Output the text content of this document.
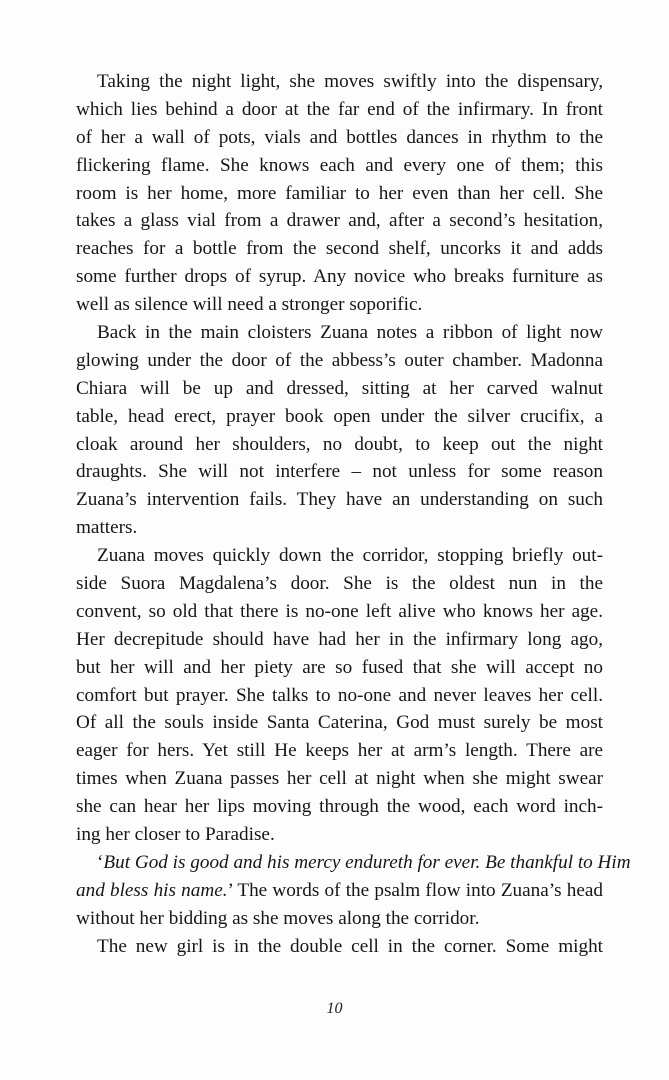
Taking the night light, she moves swiftly into the dispensary,
which lies behind a door at the far end of the infirmary. In front
of her a wall of pots, vials and bottles dances in rhythm to the
flickering flame. She knows each and every one of them; this
room is her home, more familiar to her even than her cell. She
takes a glass vial from a drawer and, after a second’s hesitation,
reaches for a bottle from the second shelf, uncorks it and adds
some further drops of syrup. Any novice who breaks furniture as
well as silence will need a stronger soporific.
Back in the main cloisters Zuana notes a ribbon of light now
glowing under the door of the abbess’s outer chamber. Madonna
Chiara will be up and dressed, sitting at her carved walnut
table, head erect, prayer book open under the silver crucifix, a
cloak around her shoulders, no doubt, to keep out the night
draughts. She will not interfere – not unless for some reason
Zuana’s intervention fails. They have an understanding on such
matters.
Zuana moves quickly down the corridor, stopping briefly out-
side Suora Magdalena’s door. She is the oldest nun in the
convent, so old that there is no-one left alive who knows her age.
Her decrepitude should have had her in the infirmary long ago,
but her will and her piety are so fused that she will accept no
comfort but prayer. She talks to no-one and never leaves her cell.
Of all the souls inside Santa Caterina, God must surely be most
eager for hers. Yet still He keeps her at arm’s length. There are
times when Zuana passes her cell at night when she might swear
she can hear her lips moving through the wood, each word inch-
ing her closer to Paradise.
‘But God is good and his mercy endureth for ever. Be thankful to Him
and bless his name.’ The words of the psalm flow into Zuana’s head
without her bidding as she moves along the corridor.
The new girl is in the double cell in the corner. Some might
10
